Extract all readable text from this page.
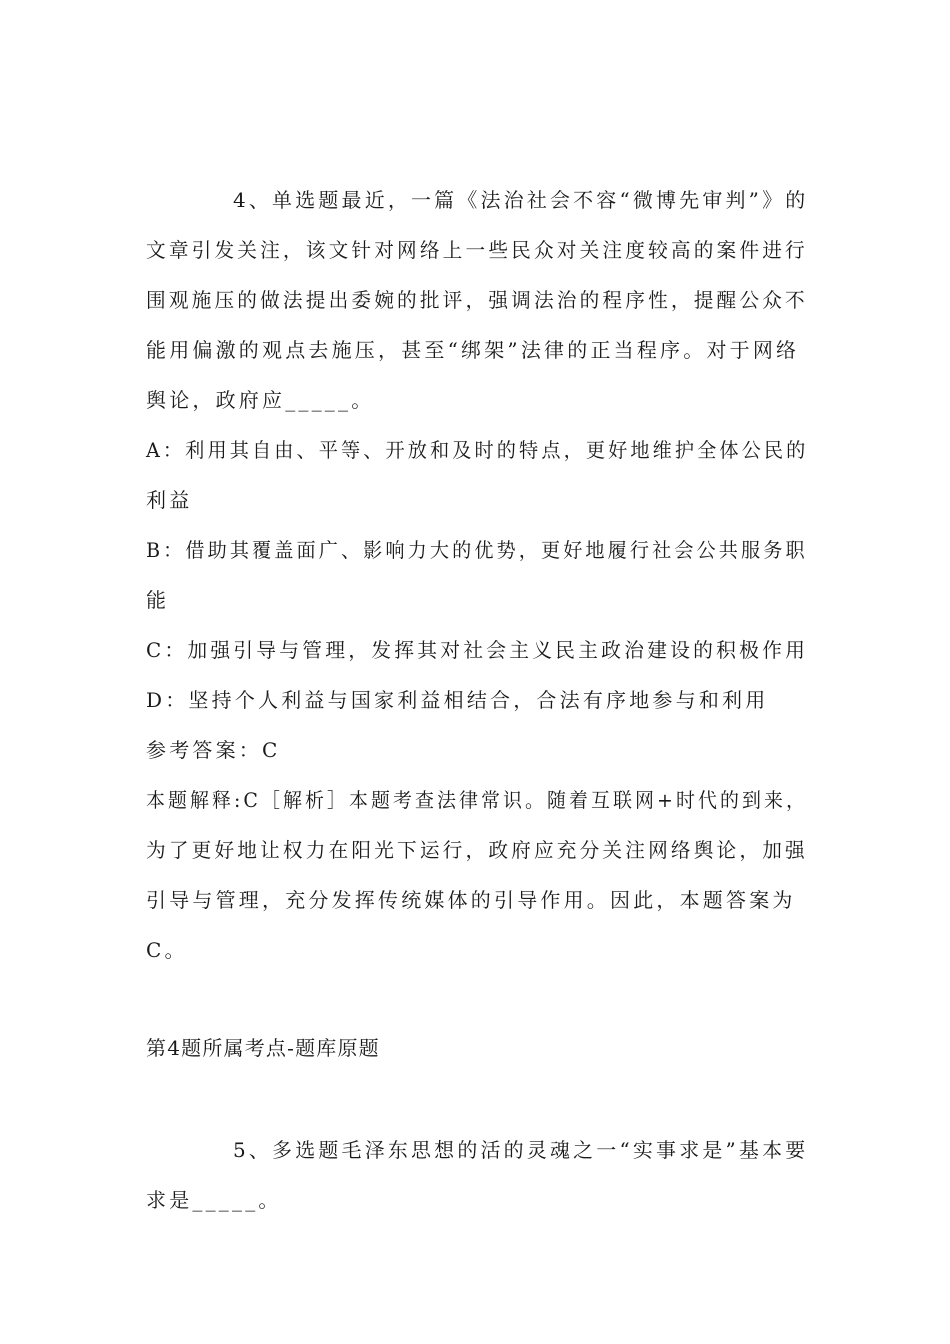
4、单选题最近，一篇《法治社会不容“微博先审判”》的
文章引发关注，该文针对网络上一些民众对关注度较高的案件进行
围观施压的做法提出委婉的批评，强调法治的程序性，提醒公众不
能用偏激的观点去施压，甚至“绑架”法律的正当程序。对于网络
舆论，政府应_____。
A：利用其自由、平等、开放和及时的特点，更好地维护全体公民的
利益
B：借助其覆盖面广、影响力大的优势，更好地履行社会公共服务职
能
C：加强引导与管理，发挥其对社会主义民主政治建设的积极作用
D：坚持个人利益与国家利益相结合，合法有序地参与和利用
参考答案：C
本题解释:C［解析］本题考查法律常识。随着互联网+时代的到来，
为了更好地让权力在阳光下运行，政府应充分关注网络舆论，加强
引导与管理，充分发挥传统媒体的引导作用。因此，本题答案为
C。
第4题所属考点-题库原题
5、多选题毛泽东思想的活的灵魂之一“实事求是”基本要
求是_____。
